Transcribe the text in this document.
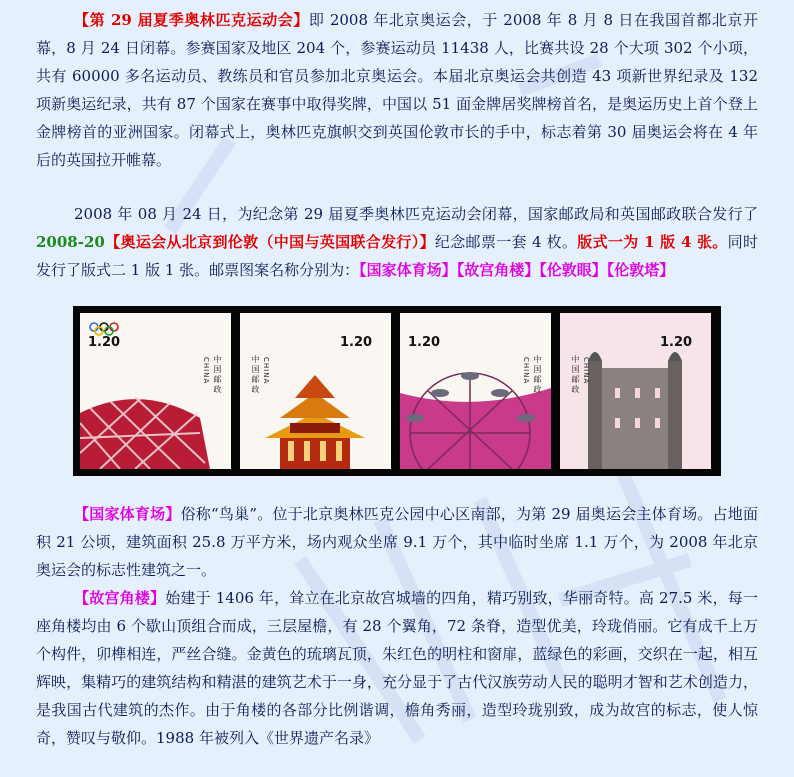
【第 29 届夏季奥林匹克运动会】即 2008 年北京奥运会，于 2008 年 8 月 8 日在我国首都北京开幕，8 月 24 日闭幕。参赛国家及地区 204 个，参赛运动员 11438 人，比赛共设 28 个大项 302 个小项，共有 60000 多名运动员、教练员和官员参加北京奥运会。本届北京奥运会共创造 43 项新世界纪录及 132 项新奥运纪录，共有 87 个国家在赛事中取得奖牌，中国以 51 面金牌居奖牌榜首名，是奥运历史上首个登上金牌榜首的亚洲国家。闭幕式上，奥林匹克旗帜交到英国伦敦市长的手中，标志着第 30 届奥运会将在 4 年后的英国拉开帷幕。

2008 年 08 月 24 日，为纪念第 29 届夏季奥林匹克运动会闭幕，国家邮政局和英国邮政联合发行了2008-20【奥运会从北京到伦敦（中国与英国联合发行）】纪念邮票一套 4 枚。版式一为 1 版 4 张。同时发行了版式二 1 版 1 张。邮票图案名称分别为：【国家体育场】【故宫角楼】【伦敦眼】【伦敦塔】

1.20
中国邮政
CHINA
1.20
中国邮政 CHINA
1.20
中国邮政
CHINA
1.20
中国邮政 CHINA

【国家体育场】俗称“鸟巢”。位于北京奥林匹克公园中心区南部，为第 29 届奥运会主体育场。占地面积 21 公顷，建筑面积 25.8 万平方米，场内观众坐席 9.1 万个，其中临时坐席 1.1 万个，为 2008 年北京奥运会的标志性建筑之一。

【故宫角楼】始建于 1406 年，耸立在北京故宫城墙的四角，精巧别致，华丽奇特。高 27.5 米，每一座角楼均由 6 个歇山顶组合而成，三层屋檐，有 28 个翼角，72 条脊，造型优美，玲珑俏丽。它有成千上万个构件，卯榫相连，严丝合缝。金黄色的琉璃瓦顶，朱红色的明柱和窗扉，蓝绿色的彩画，交织在一起，相互辉映，集精巧的建筑结构和精湛的建筑艺术于一身，充分显于了古代汉族劳动人民的聪明才智和艺术创造力，是我国古代建筑的杰作。由于角楼的各部分比例谐调，檐角秀丽，造型玲珑别致，成为故宫的标志，使人惊奇，赞叹与敬仰。1988 年被列入《世界遗产名录》
